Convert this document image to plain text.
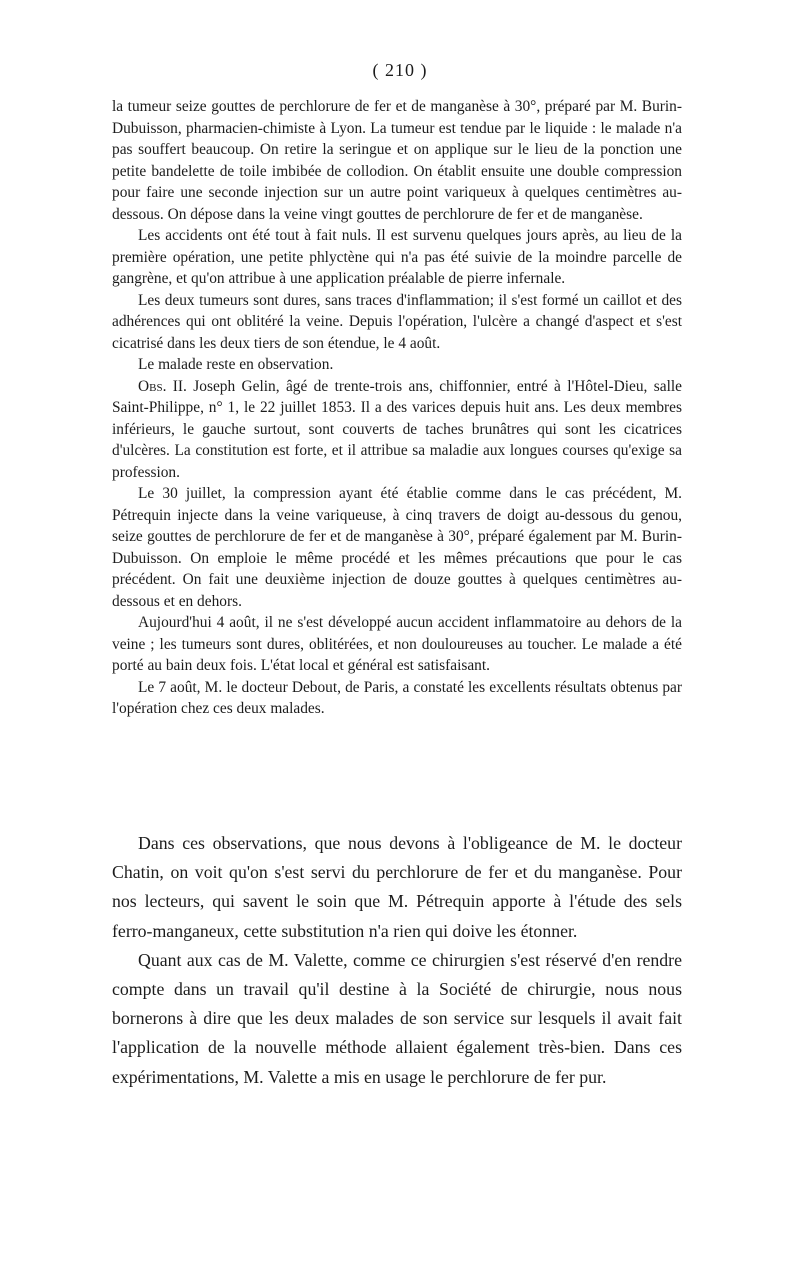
( 210 )

la tumeur seize gouttes de perchlorure de fer et de manganèse à 30°, préparé par M. Burin-Dubuisson, pharmacien-chimiste à Lyon. La tumeur est tendue par le liquide : le malade n'a pas souffert beaucoup. On retire la seringue et on applique sur le lieu de la ponction une petite bandelette de toile imbibée de collodion. On établit ensuite une double compression pour faire une seconde injection sur un autre point variqueux à quelques centimètres au-dessous. On dépose dans la veine vingt gouttes de perchlorure de fer et de manganèse.

Les accidents ont été tout à fait nuls. Il est survenu quelques jours après, au lieu de la première opération, une petite phlyctène qui n'a pas été suivie de la moindre parcelle de gangrène, et qu'on attribue à une application préalable de pierre infernale.

Les deux tumeurs sont dures, sans traces d'inflammation; il s'est formé un caillot et des adhérences qui ont oblitéré la veine. Depuis l'opération, l'ulcère a changé d'aspect et s'est cicatrisé dans les deux tiers de son étendue, le 4 août.

Le malade reste en observation.

Obs. II. Joseph Gelin, âgé de trente-trois ans, chiffonnier, entré à l'Hôtel-Dieu, salle Saint-Philippe, n° 1, le 22 juillet 1853. Il a des varices depuis huit ans. Les deux membres inférieurs, le gauche surtout, sont couverts de taches brunâtres qui sont les cicatrices d'ulcères. La constitution est forte, et il attribue sa maladie aux longues courses qu'exige sa profession.

Le 30 juillet, la compression ayant été établie comme dans le cas précédent, M. Pétrequin injecte dans la veine variqueuse, à cinq travers de doigt au-dessous du genou, seize gouttes de perchlorure de fer et de manganèse à 30°, préparé également par M. Burin-Dubuisson. On emploie le même procédé et les mêmes précautions que pour le cas précédent. On fait une deuxième injection de douze gouttes à quelques centimètres au-dessous et en dehors.

Aujourd'hui 4 août, il ne s'est développé aucun accident inflammatoire au dehors de la veine ; les tumeurs sont dures, oblitérées, et non douloureuses au toucher. Le malade a été porté au bain deux fois. L'état local et général est satisfaisant.

Le 7 août, M. le docteur Debout, de Paris, a constaté les excellents résultats obtenus par l'opération chez ces deux malades.

Dans ces observations, que nous devons à l'obligeance de M. le docteur Chatin, on voit qu'on s'est servi du perchlorure de fer et du manganèse. Pour nos lecteurs, qui savent le soin que M. Pétrequin apporte à l'étude des sels ferro-manganeux, cette substitution n'a rien qui doive les étonner.

Quant aux cas de M. Valette, comme ce chirurgien s'est réservé d'en rendre compte dans un travail qu'il destine à la Société de chirurgie, nous nous bornerons à dire que les deux malades de son service sur lesquels il avait fait l'application de la nouvelle méthode allaient également très-bien. Dans ces expérimentations, M. Valette a mis en usage le perchlorure de fer pur.
